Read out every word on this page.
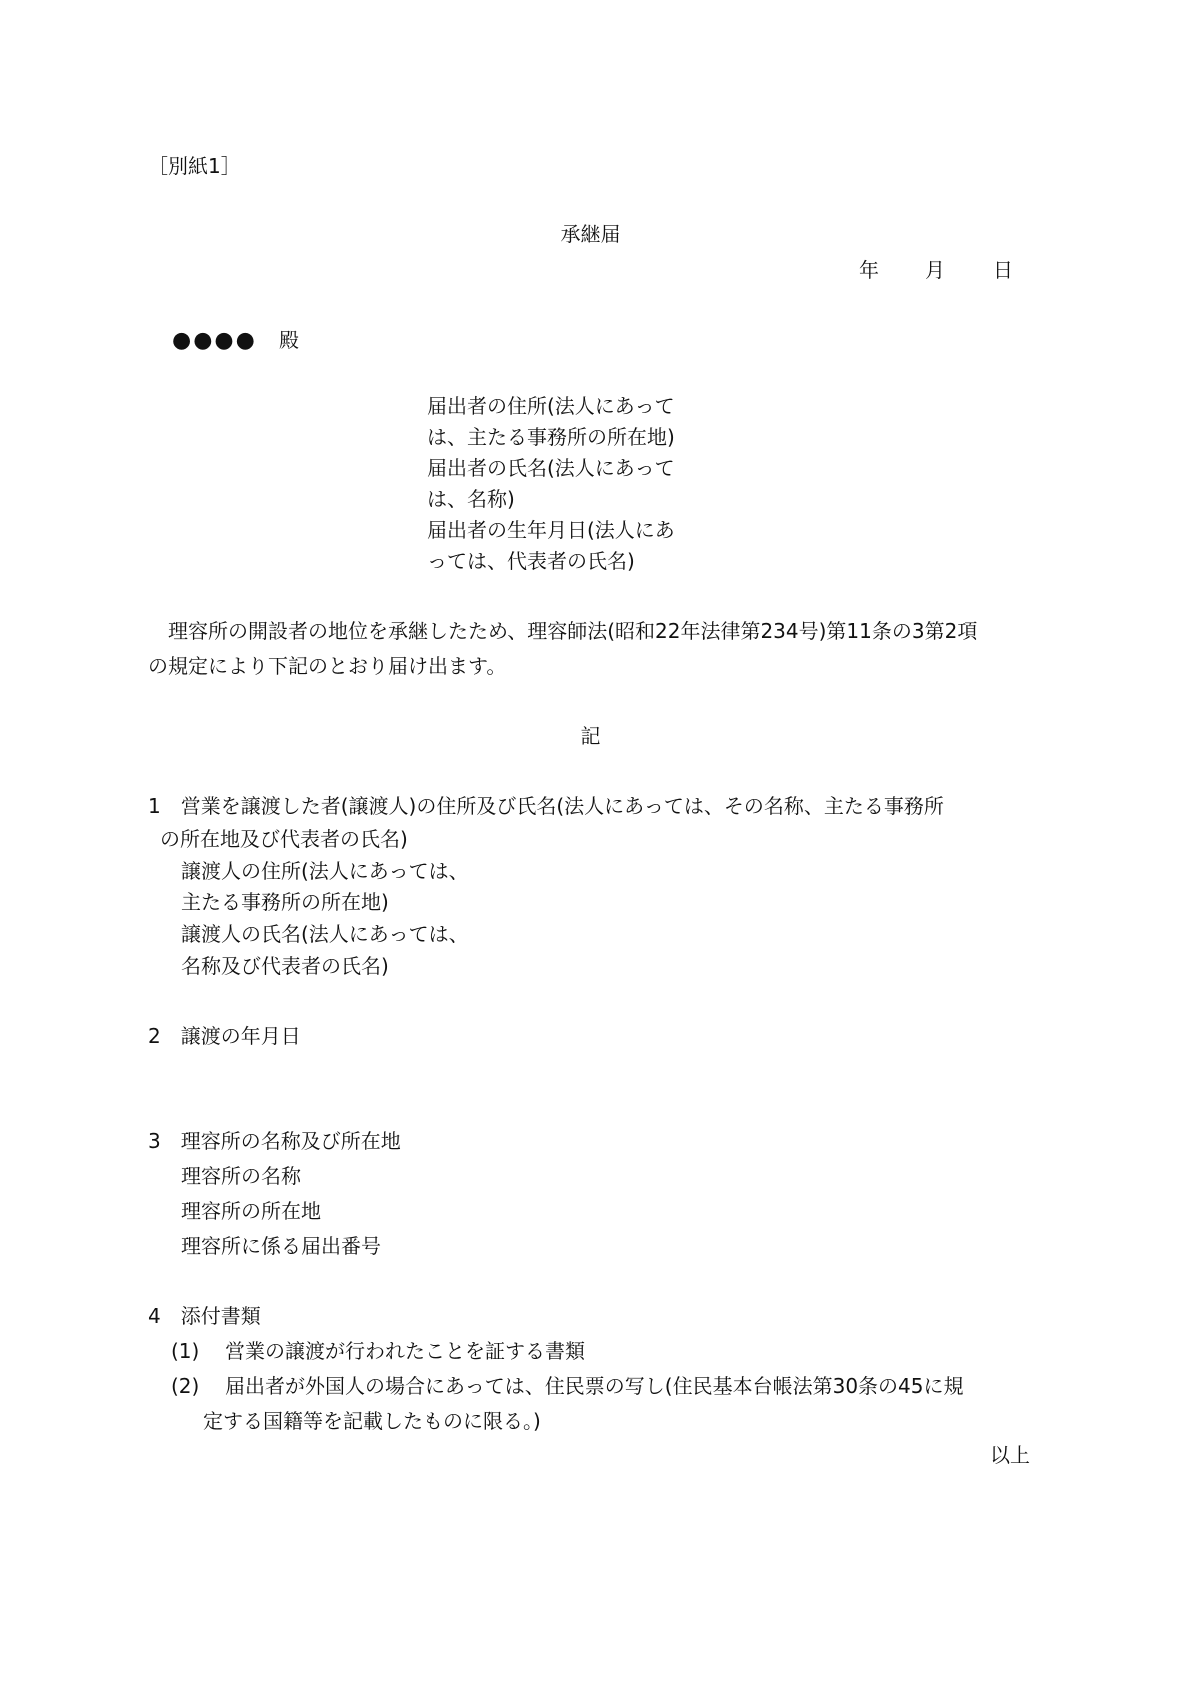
［別紙1］

承継届

年 月 日
●●●● 殿

届出者の住所(法人にあって

は、主たる事務所の所在地)

届出者の氏名(法人にあって

は、名称)

届出者の生年月日(法人にあ

っては、代表者の氏名)

　理容所の開設者の地位を承継したため、理容師法(昭和22年法律第234号)第11条の3第2項

の規定により下記のとおり届け出ます。

記

1　営業を譲渡した者(譲渡人)の住所及び氏名(法人にあっては、その名称、主たる事務所

の所在地及び代表者の氏名)

譲渡人の住所(法人にあっては、

主たる事務所の所在地)

譲渡人の氏名(法人にあっては、

名称及び代表者の氏名)

2　譲渡の年月日

3　理容所の名称及び所在地

理容所の名称

理容所の所在地

理容所に係る届出番号

4　添付書類

(1) 営業の譲渡が行われたことを証する書類

(2) 届出者が外国人の場合にあっては、住民票の写し(住民基本台帳法第30条の45に規

定する国籍等を記載したものに限る。)

以上
